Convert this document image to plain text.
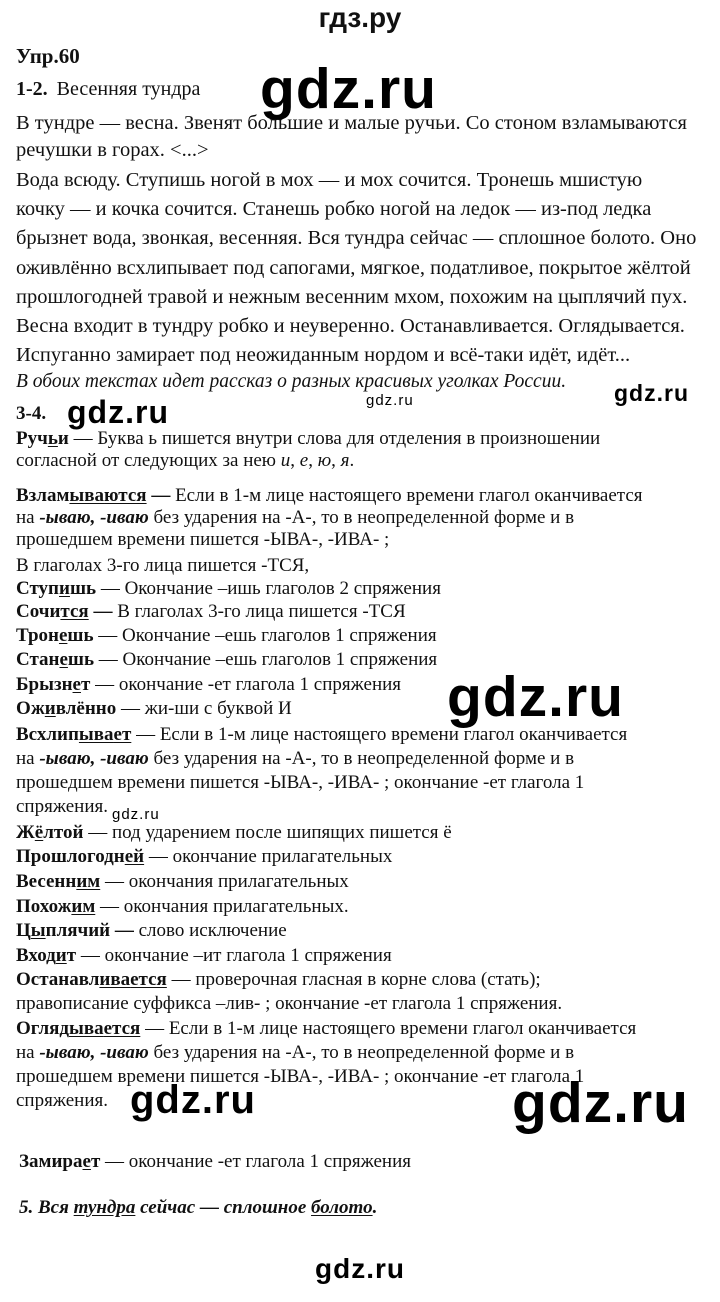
гдз.ру
Упр.60
1-2. Весенняя тундра gdz.ru
В тундре — весна. Звенят большие и малые ручьи. Со стоном взламываются
речушки в горах. <...>
Вода всюду. Ступишь ногой в мох — и мох сочится. Тронешь мшистую
кочку — и кочка сочится. Станешь робко ногой на ледок — из-под ледка
брызнет вода, звонкая, весенняя. Вся тундра сейчас — сплошное болото. Оно
оживлённо всхлипывает под сапогами, мягкое, податливое, покрытое жёлтой
прошлогодней травой и нежным весенним мхом, похожим на цыплячий пух.
Весна входит в тундру робко и неуверенно. Останавливается. Оглядывается.
Испуганно замирает под неожиданным нордом и всё-таки идёт, идёт...
В обоих текстах идет рассказ о разных красивых уголках России.
3-4. gdz.ru	gdz.ru	gdz.ru
Ручьи — Буква ь пишется внутри слова для отделения в произношении
согласной от следующих за нею и, е, ю, я.
Взламываются — Если в 1-м лице настоящего времени глагол оканчивается
на -ываю, -иваю без ударения на -А-, то в неопределенной форме и в
прошедшем времени пишется -ЫВА-, -ИВА- ;
В глаголах 3-го лица пишется -ТСЯ,
Ступишь — Окончание –ишь глаголов 2 спряжения
Сочится — В глаголах 3-го лица пишется -ТСЯ
Тронешь — Окончание –ешь глаголов 1 спряжения
Станешь — Окончание –ешь глаголов 1 спряжения
Брызнет — окончание -ет глагола 1 спряжения gdz.ru
Оживлённо — жи-ши с буквой И
Всхлипывает — Если в 1-м лице настоящего времени глагол оканчивается
на -ываю, -иваю без ударения на -А-, то в неопределенной форме и в
прошедшем времени пишется -ЫВА-, -ИВА- ; окончание -ет глагола 1
спряжения. gdz.ru
Жёлтой — под ударением после шипящих пишется ё
Прошлогодней — окончание прилагательных
Весенним — окончания прилагательных
Похожим — окончания прилагательных.
Цыплячий — слово исключение
Входит — окончание –ит глагола 1 спряжения
Останавливается — проверочная гласная в корне слова (стать);
правописание суффикса –лив- ; окончание -ет глагола 1 спряжения.
Оглядывается — Если в 1-м лице настоящего времени глагол оканчивается
на -ываю, -иваю без ударения на -А-, то в неопределенной форме и в
прошедшем времени пишется -ЫВА-, -ИВА- ; окончание -ет глагола 1
спряжения. gdz.ru	gdz.ru
Замирает — окончание -ет глагола 1 спряжения
5. Вся тундра сейчас — сплошное болото.
gdz.ru
